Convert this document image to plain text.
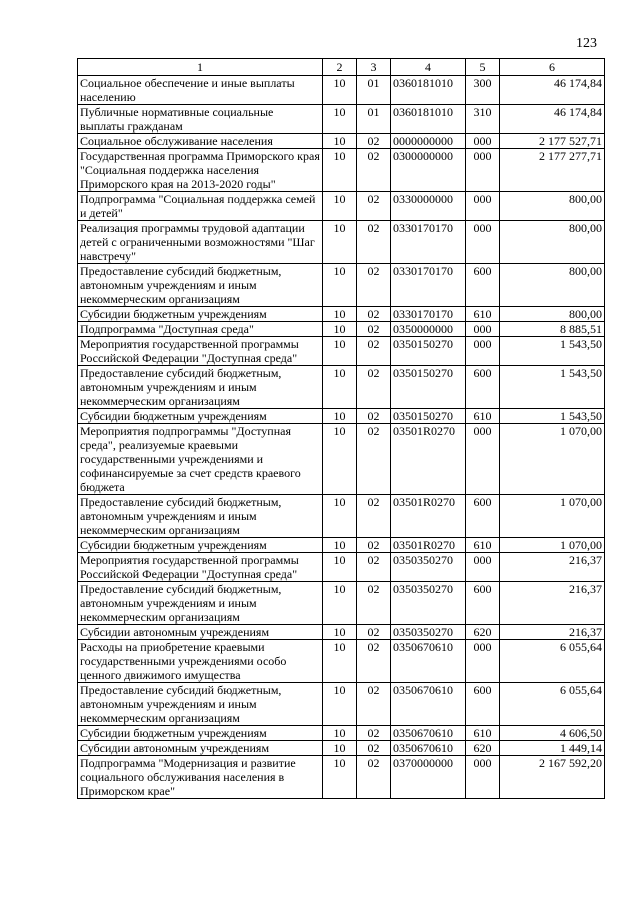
123
1	2	3	4	5	6
Социальное обеспечение и иные выплаты населению	10	01	0360181010	300	46 174,84
Публичные нормативные социальные выплаты гражданам	10	01	0360181010	310	46 174,84
Социальное обслуживание населения	10	02	0000000000	000	2 177 527,71
Государственная программа Приморского края "Социальная поддержка населения Приморского края на 2013-2020 годы"	10	02	0300000000	000	2 177 277,71
Подпрограмма "Социальная поддержка семей и детей"	10	02	0330000000	000	800,00
Реализация программы трудовой адаптации детей с ограниченными возможностями "Шаг навстречу"	10	02	0330170170	000	800,00
Предоставление субсидий бюджетным, автономным учреждениям и иным некоммерческим организациям	10	02	0330170170	600	800,00
Субсидии бюджетным учреждениям	10	02	0330170170	610	800,00
Подпрограмма "Доступная среда"	10	02	0350000000	000	8 885,51
Мероприятия государственной программы Российской Федерации "Доступная среда"	10	02	0350150270	000	1 543,50
Предоставление субсидий бюджетным, автономным учреждениям и иным некоммерческим организациям	10	02	0350150270	600	1 543,50
Субсидии бюджетным учреждениям	10	02	0350150270	610	1 543,50
Мероприятия подпрограммы "Доступная среда", реализуемые краевыми государственными учреждениями и софинансируемые за счет средств краевого бюджета	10	02	03501R0270	000	1 070,00
Предоставление субсидий бюджетным, автономным учреждениям и иным некоммерческим организациям	10	02	03501R0270	600	1 070,00
Субсидии бюджетным учреждениям	10	02	03501R0270	610	1 070,00
Мероприятия государственной программы Российской Федерации "Доступная среда"	10	02	0350350270	000	216,37
Предоставление субсидий бюджетным, автономным учреждениям и иным некоммерческим организациям	10	02	0350350270	600	216,37
Субсидии автономным учреждениям	10	02	0350350270	620	216,37
Расходы на приобретение краевыми государственными учреждениями особо ценного движимого имущества	10	02	0350670610	000	6 055,64
Предоставление субсидий бюджетным, автономным учреждениям и иным некоммерческим организациям	10	02	0350670610	600	6 055,64
Субсидии бюджетным учреждениям	10	02	0350670610	610	4 606,50
Субсидии автономным учреждениям	10	02	0350670610	620	1 449,14
Подпрограмма "Модернизация и развитие социального обслуживания населения в Приморском крае"	10	02	0370000000	000	2 167 592,20
